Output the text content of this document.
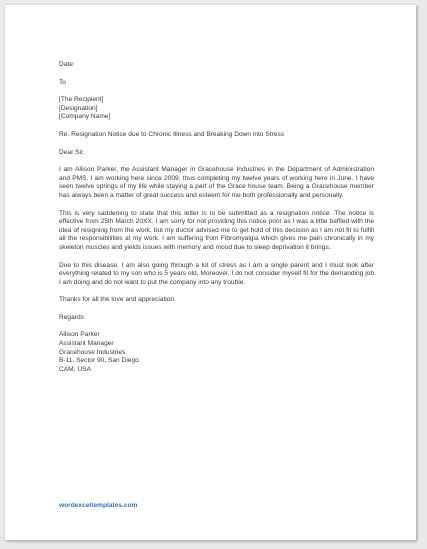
Date:

To

[The Recipient]

[Designation]

[Company Name]

Re. Resignation Notice due to Chronic Illness and Breaking Down into Stress

Dear Sir,

I am Allison Parker, the Assistant Manager in Gracehouse Industries in the Department of Administration and PMS. I am working here since 2009, thus completing my twelve years of working here in June. I have seen twelve springs of my life while staying a part of the Grace house team. Being a Gracehouse member has always been a matter of great success and esteem for me both professionally and personally.

This is very saddening to state that this letter is to be submitted as a resignation notice. The notice is effective from 25th March 20XX. I am sorry for not providing this notice prior as I was a little baffled with the idea of resigning from the work, but my doctor advised me to get hold of this decision as I am not fit to fulfill all the responsibilities at my work. I am suffering from Fibromyalgia which gives me pain chronically in my skeleton muscles and yields issues with memory and mood due to sleep deprivation it brings.

Due to this disease, I am also going through a lot of stress as I am a single parent and I must look after everything related to my son who is 5 years old. Moreover, I do not consider myself fit for the demanding job I am doing and do not want to put the company into any trouble.

Thanks for all the love and appreciation.

Regards

Allison Parker

Assistant Manager

Gracehouse Industries

B-11, Sector 90, San Diego

CAM, USA

wordexceltemplates.com
